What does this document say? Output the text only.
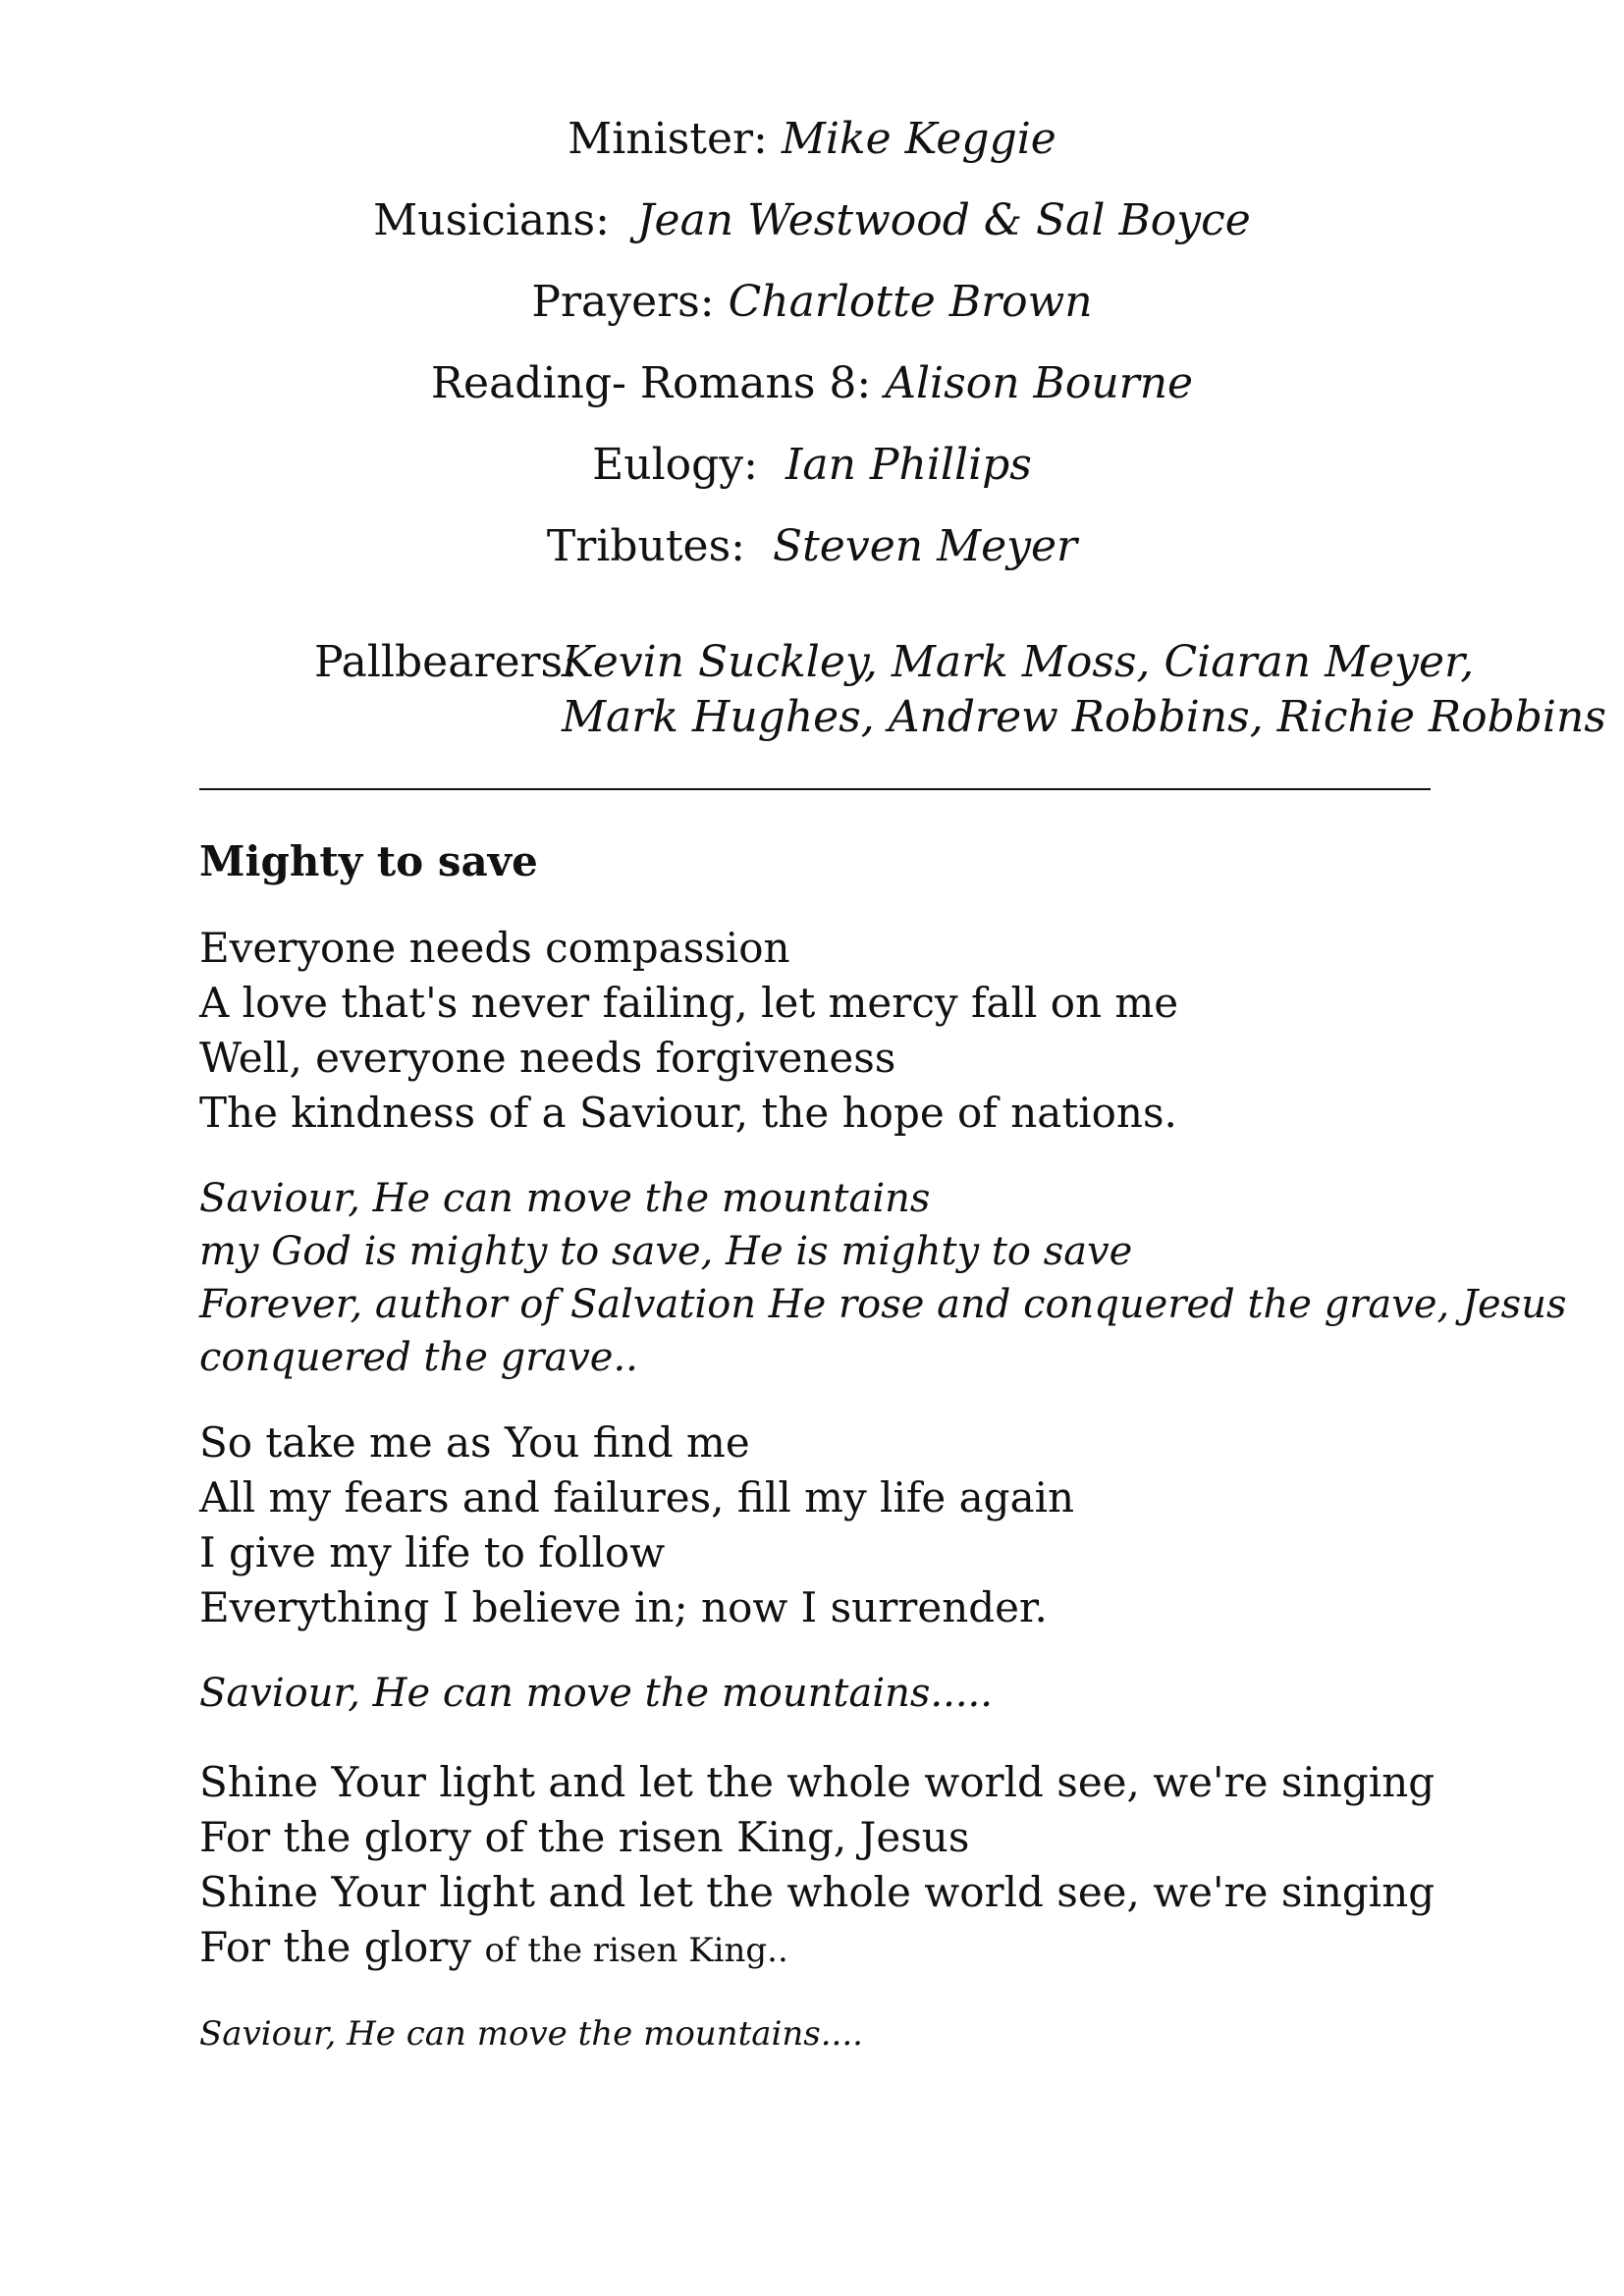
Minister: Mike Keggie
Musicians: Jean Westwood & Sal Boyce
Prayers: Charlotte Brown
Reading- Romans 8: Alison Bourne
Eulogy: Ian Phillips
Tributes: Steven Meyer
Pallbearers:
Kevin Suckley, Mark Moss, Ciaran Meyer,
Mark Hughes, Andrew Robbins, Richie Robbins
Mighty to save
Everyone needs compassion
A love that's never failing, let mercy fall on me
Well, everyone needs forgiveness
The kindness of a Saviour, the hope of nations.
Saviour, He can move the mountains
my God is mighty to save, He is mighty to save
Forever, author of Salvation He rose and conquered the grave, Jesus
conquered the grave..
So take me as You find me
All my fears and failures, fill my life again
I give my life to follow
Everything I believe in; now I surrender.
Saviour, He can move the mountains.....
Shine Your light and let the whole world see, we're singing
For the glory of the risen King, Jesus
Shine Your light and let the whole world see, we're singing
For the glory of the risen King..
Saviour, He can move the mountains....
